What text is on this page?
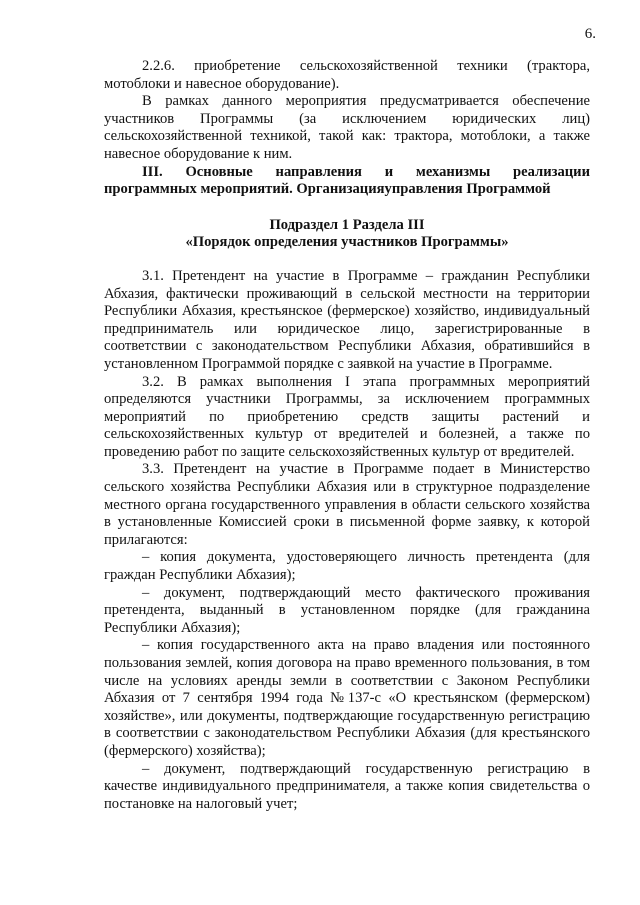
6.

2.2.6. приобретение сельскохозяйственной техники (трактора, мотоблоки и навесное оборудование).

В рамках данного мероприятия предусматривается обеспечение участников Программы (за исключением юридических лиц) сельскохозяйственной техникой, такой как: трактора, мотоблоки, а также навесное оборудование к ним.

III. Основные направления и механизмы реализации программных мероприятий. Организацияуправления Программой

Подраздел 1 Раздела III
«Порядок определения участников Программы»

3.1. Претендент на участие в Программе – гражданин Республики Абхазия, фактически проживающий в сельской местности на территории Республики Абхазия, крестьянское (фермерское) хозяйство, индивидуальный предприниматель или юридическое лицо, зарегистрированные в соответствии с законодательством Республики Абхазия, обратившийся в установленном Программой порядке с заявкой на участие в Программе.

3.2. В рамках выполнения I этапа программных мероприятий определяются участники Программы, за исключением программных мероприятий по приобретению средств защиты растений и сельскохозяйственных культур от вредителей и болезней, а также по проведению работ по защите сельскохозяйственных культур от вредителей.

3.3. Претендент на участие в Программе подает в Министерство сельского хозяйства Республики Абхазия или в структурное подразделение местного органа государственного управления в области сельского хозяйства в установленные Комиссией сроки в письменной форме заявку, к которой прилагаются:

– копия документа, удостоверяющего личность претендента (для граждан Республики Абхазия);

– документ, подтверждающий место фактического проживания претендента, выданный в установленном порядке (для гражданина Республики Абхазия);

– копия государственного акта на право владения или постоянного пользования землей, копия договора на право временного пользования, в том числе на условиях аренды земли в соответствии с Законом Республики Абхазия от 7 сентября 1994 года №137-с «О крестьянском (фермерском) хозяйстве», или документы, подтверждающие государственную регистрацию в соответствии с законодательством Республики Абхазия (для крестьянского (фермерского) хозяйства);

– документ, подтверждающий государственную регистрацию в качестве индивидуального предпринимателя, а также копия свидетельства о постановке на налоговый учет;
